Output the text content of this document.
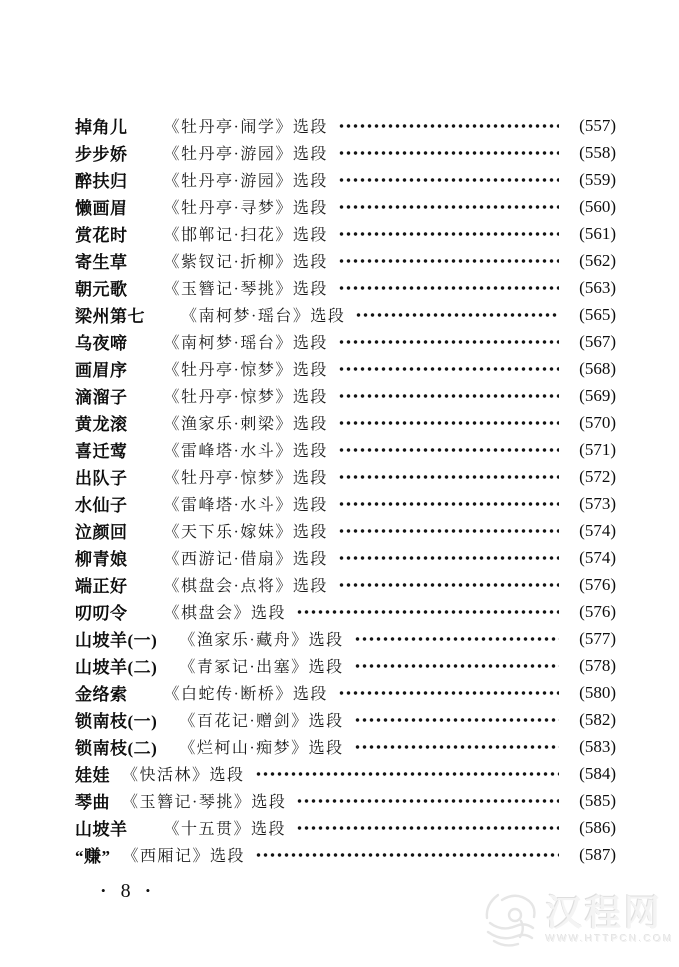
掉角儿 《牡丹亭·闹学》选段	(557)
步步娇 《牡丹亭·游园》选段	(558)
醉扶归 《牡丹亭·游园》选段	(559)
懒画眉 《牡丹亭·寻梦》选段	(560)
赏花时 《邯郸记·扫花》选段	(561)
寄生草 《紫钗记·折柳》选段	(562)
朝元歌 《玉簪记·琴挑》选段	(563)
梁州第七 《南柯梦·瑶台》选段	(565)
乌夜啼 《南柯梦·瑶台》选段	(567)
画眉序 《牡丹亭·惊梦》选段	(568)
滴溜子 《牡丹亭·惊梦》选段	(569)
黄龙滚 《渔家乐·刺梁》选段	(570)
喜迁莺 《雷峰塔·水斗》选段	(571)
出队子 《牡丹亭·惊梦》选段	(572)
水仙子 《雷峰塔·水斗》选段	(573)
泣颜回 《天下乐·嫁妹》选段	(574)
柳青娘 《西游记·借扇》选段	(574)
端正好 《棋盘会·点将》选段	(576)
叨叨令 《棋盘会》选段	(576)
山坡羊(一) 《渔家乐·藏舟》选段	(577)
山坡羊(二) 《青冢记·出塞》选段	(578)
金络索 《白蛇传·断桥》选段	(580)
锁南枝(一) 《百花记·赠剑》选段	(582)
锁南枝(二) 《烂柯山·痴梦》选段	(583)
娃娃 《快活林》选段	(584)
琴曲 《玉簪记·琴挑》选段	(585)
山坡羊 《十五贯》选段	(586)
“赚” 《西厢记》选段	(587)
• 8 •
汉程网
WWW.HTTPCN.COM
